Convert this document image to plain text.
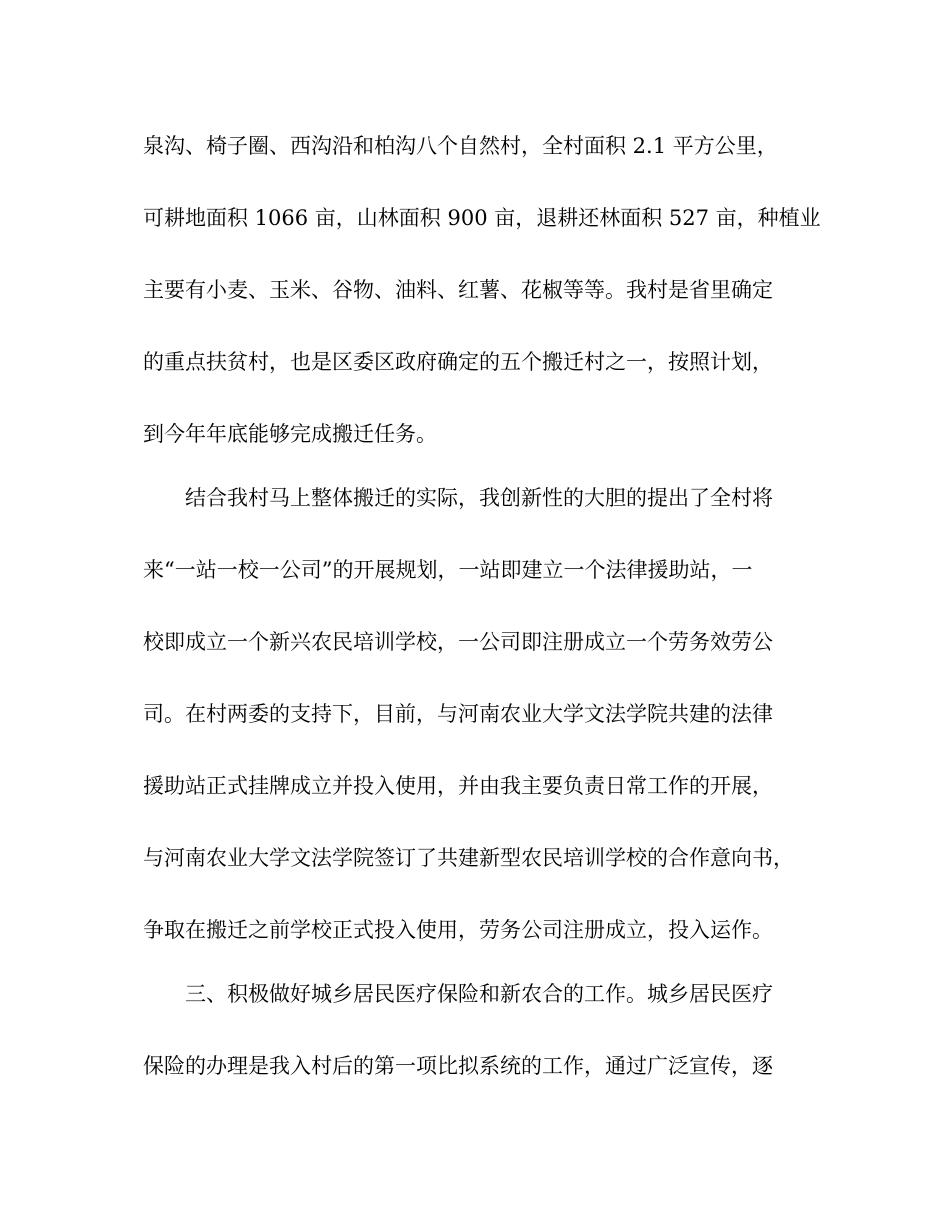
泉沟、椅子圈、西沟沿和柏沟八个自然村，全村面积 2.1 平方公里，
可耕地面积 1066 亩，山林面积 900 亩，退耕还林面积 527 亩，种植业
主要有小麦、玉米、谷物、油料、红薯、花椒等等。我村是省里确定
的重点扶贫村，也是区委区政府确定的五个搬迁村之一，按照计划，
到今年年底能够完成搬迁任务。
结合我村马上整体搬迁的实际，我创新性的大胆的提出了全村将
来“一站一校一公司”的开展规划，一站即建立一个法律援助站，一
校即成立一个新兴农民培训学校，一公司即注册成立一个劳务效劳公
司。在村两委的支持下，目前，与河南农业大学文法学院共建的法律
援助站正式挂牌成立并投入使用，并由我主要负责日常工作的开展，
与河南农业大学文法学院签订了共建新型农民培训学校的合作意向书，
争取在搬迁之前学校正式投入使用，劳务公司注册成立，投入运作。
三、积极做好城乡居民医疗保险和新农合的工作。城乡居民医疗
保险的办理是我入村后的第一项比拟系统的工作，通过广泛宣传，逐
